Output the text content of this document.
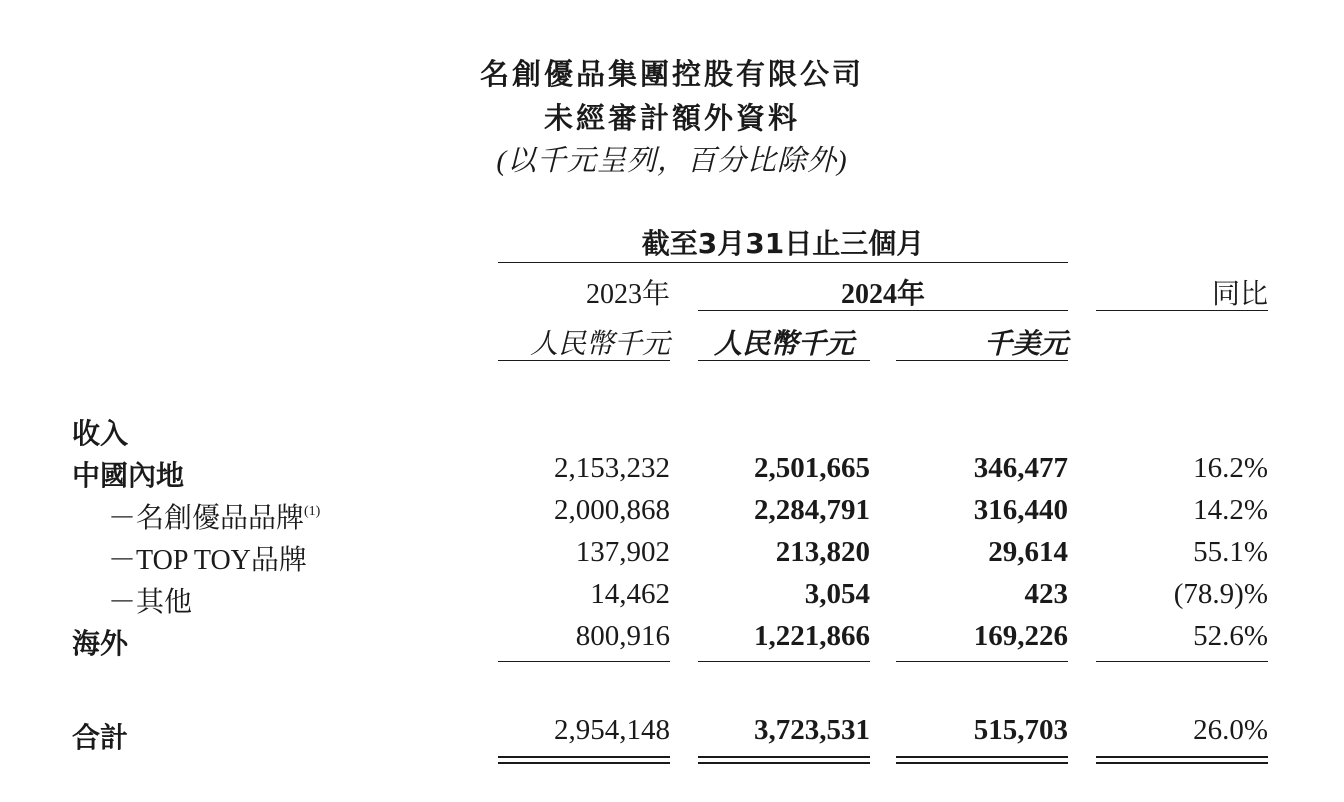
名創優品集團控股有限公司
未經審計額外資料
(以千元呈列，百分比除外)
截至3月31日止三個月
2023年	2024年	同比
人民幣千元	人民幣千元	千美元
收入
中國內地	2,153,232	2,501,665	346,477	16.2%
－名創優品品牌$^{(1)}$	2,000,868	2,284,791	316,440	14.2%
－TOP TOY品牌	137,902	213,820	29,614	55.1%
－其他	14,462	3,054	423	(78.9)%
海外	800,916	1,221,866	169,226	52.6%
合計	2,954,148	3,723,531	515,703	26.0%
